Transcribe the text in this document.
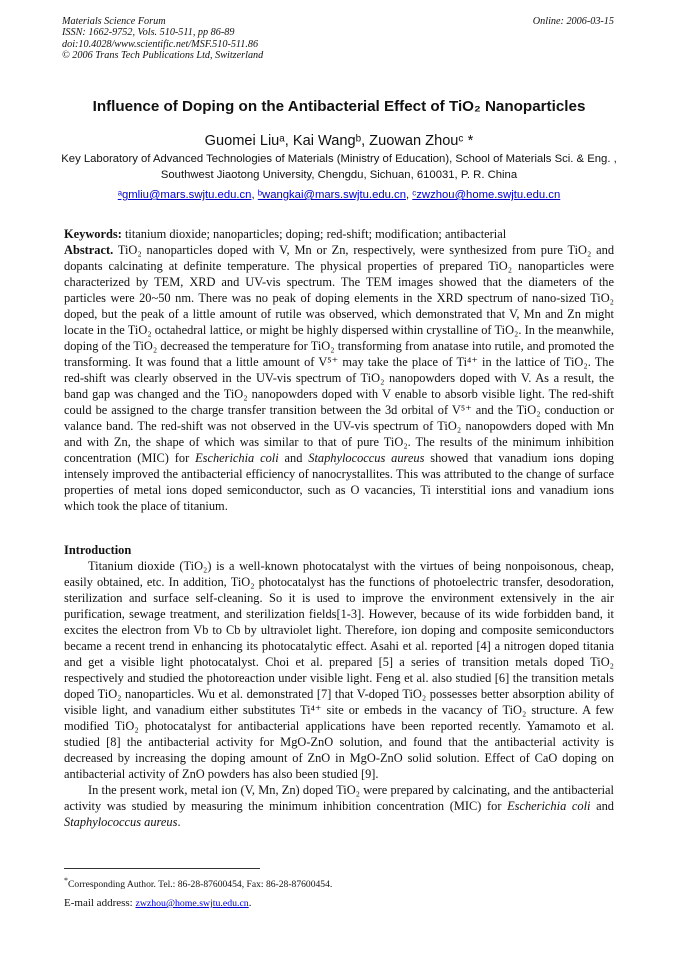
Materials Science Forum
ISSN: 1662-9752, Vols. 510-511, pp 86-89
doi:10.4028/www.scientific.net/MSF.510-511.86
© 2006 Trans Tech Publications Ltd, Switzerland
Online: 2006-03-15
Influence of Doping on the Antibacterial Effect of TiO₂ Nanoparticles
Guomei Liuᵃ, Kai Wangᵇ, Zuowan Zhouᶜ *
Key Laboratory of Advanced Technologies of Materials (Ministry of Education), School of Materials Sci. & Eng. , Southwest Jiaotong University, Chengdu, Sichuan, 610031, P. R. China
ᵃgmliu@mars.swjtu.edu.cn, ᵇwangkai@mars.swjtu.edu.cn, ᶜzwzhou@home.swjtu.edu.cn
Keywords: titanium dioxide; nanoparticles; doping; red-shift; modification; antibacterial
Abstract. TiO₂ nanoparticles doped with V, Mn or Zn, respectively, were synthesized from pure TiO₂ and dopants calcinating at definite temperature. The physical properties of prepared TiO₂ nanoparticles were characterized by TEM, XRD and UV-vis spectrum. The TEM images showed that the diameters of the particles were 20~50 nm. There was no peak of doping elements in the XRD spectrum of nano-sized TiO₂ doped, but the peak of a little amount of rutile was observed, which demonstrated that V, Mn and Zn might locate in the TiO₂ octahedral lattice, or might be highly dispersed within crystalline of TiO₂. In the meanwhile, doping of the TiO₂ decreased the temperature for TiO₂ transforming from anatase into rutile, and promoted the transforming. It was found that a little amount of V⁵⁺ may take the place of Ti⁴⁺ in the lattice of TiO₂. The red-shift was clearly observed in the UV-vis spectrum of TiO₂ nanopowders doped with V. As a result, the band gap was changed and the TiO₂ nanopowders doped with V enable to absorb visible light. The red-shift could be assigned to the charge transfer transition between the 3d orbital of V⁵⁺ and the TiO₂ conduction or valance band. The red-shift was not observed in the UV-vis spectrum of TiO₂ nanopowders doped with Mn and with Zn, the shape of which was similar to that of pure TiO₂. The results of the minimum inhibition concentration (MIC) for Escherichia coli and Staphylococcus aureus showed that vanadium ions doping intensely improved the antibacterial efficiency of nanocrystallites. This was attributed to the change of surface properties of metal ions doped semiconductor, such as O vacancies, Ti interstitial ions and vanadium ions which took the place of titanium.
Introduction

Titanium dioxide (TiO₂) is a well-known photocatalyst with the virtues of being nonpoisonous, cheap, easily obtained, etc. In addition, TiO₂ photocatalyst has the functions of photoelectric transfer, desodoration, sterilization and surface self-cleaning. So it is used to improve the environment extensively in the air purification, sewage treatment, and sterilization fields[1-3]. However, because of its wide forbidden band, it excites the electron from Vb to Cb by ultraviolet light. Therefore, ion doping and composite semiconductors became a recent trend in enhancing its photocatalytic effect. Asahi et al. reported [4] a nitrogen doped titania and get a visible light photocatalyst. Choi et al. prepared [5] a series of transition metals doped TiO₂ respectively and studied the photoreaction under visible light. Feng et al. also studied [6] the transition metals doped TiO₂ nanoparticles. Wu et al. demonstrated [7] that V-doped TiO₂ possesses better absorption ability of visible light, and vanadium either substitutes Ti⁴⁺ site or embeds in the vacancy of TiO₂ structure. A few modified TiO₂ photocatalyst for antibacterial applications have been reported recently. Yamamoto et al. studied [8] the antibacterial activity for MgO-ZnO solution, and found that the antibacterial activity is decreased by increasing the doping amount of ZnO in MgO-ZnO solid solution. Effect of CaO doping on antibacterial activity of ZnO powders has also been studied [9].

In the present work, metal ion (V, Mn, Zn) doped TiO₂ were prepared by calcinating, and the antibacterial activity was studied by measuring the minimum inhibition concentration (MIC) for Escherichia coli and Staphylococcus aureus.

*Corresponding Author. Tel.: 86-28-87600454, Fax: 86-28-87600454.
E-mail address: zwzhou@home.swjtu.edu.cn.
